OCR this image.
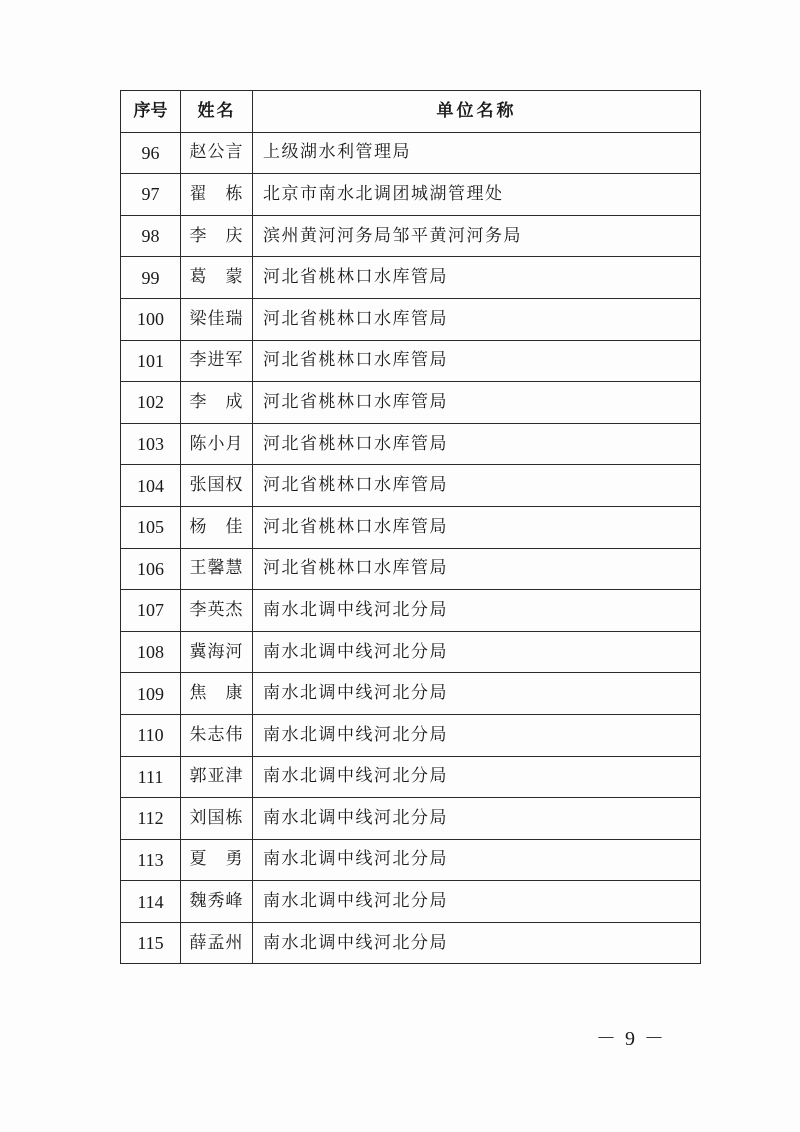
序号	姓名	单位名称
96	赵公言	上级湖水利管理局
97	翟　栋	北京市南水北调团城湖管理处
98	李　庆	滨州黄河河务局邹平黄河河务局
99	葛　蒙	河北省桃林口水库管局
100	梁佳瑞	河北省桃林口水库管局
101	李进军	河北省桃林口水库管局
102	李　成	河北省桃林口水库管局
103	陈小月	河北省桃林口水库管局
104	张国权	河北省桃林口水库管局
105	杨　佳	河北省桃林口水库管局
106	王馨慧	河北省桃林口水库管局
107	李英杰	南水北调中线河北分局
108	冀海河	南水北调中线河北分局
109	焦　康	南水北调中线河北分局
110	朱志伟	南水北调中线河北分局
111	郭亚津	南水北调中线河北分局
112	刘国栋	南水北调中线河北分局
113	夏　勇	南水北调中线河北分局
114	魏秀峰	南水北调中线河北分局
115	薛孟州	南水北调中线河北分局
－ 9 －
